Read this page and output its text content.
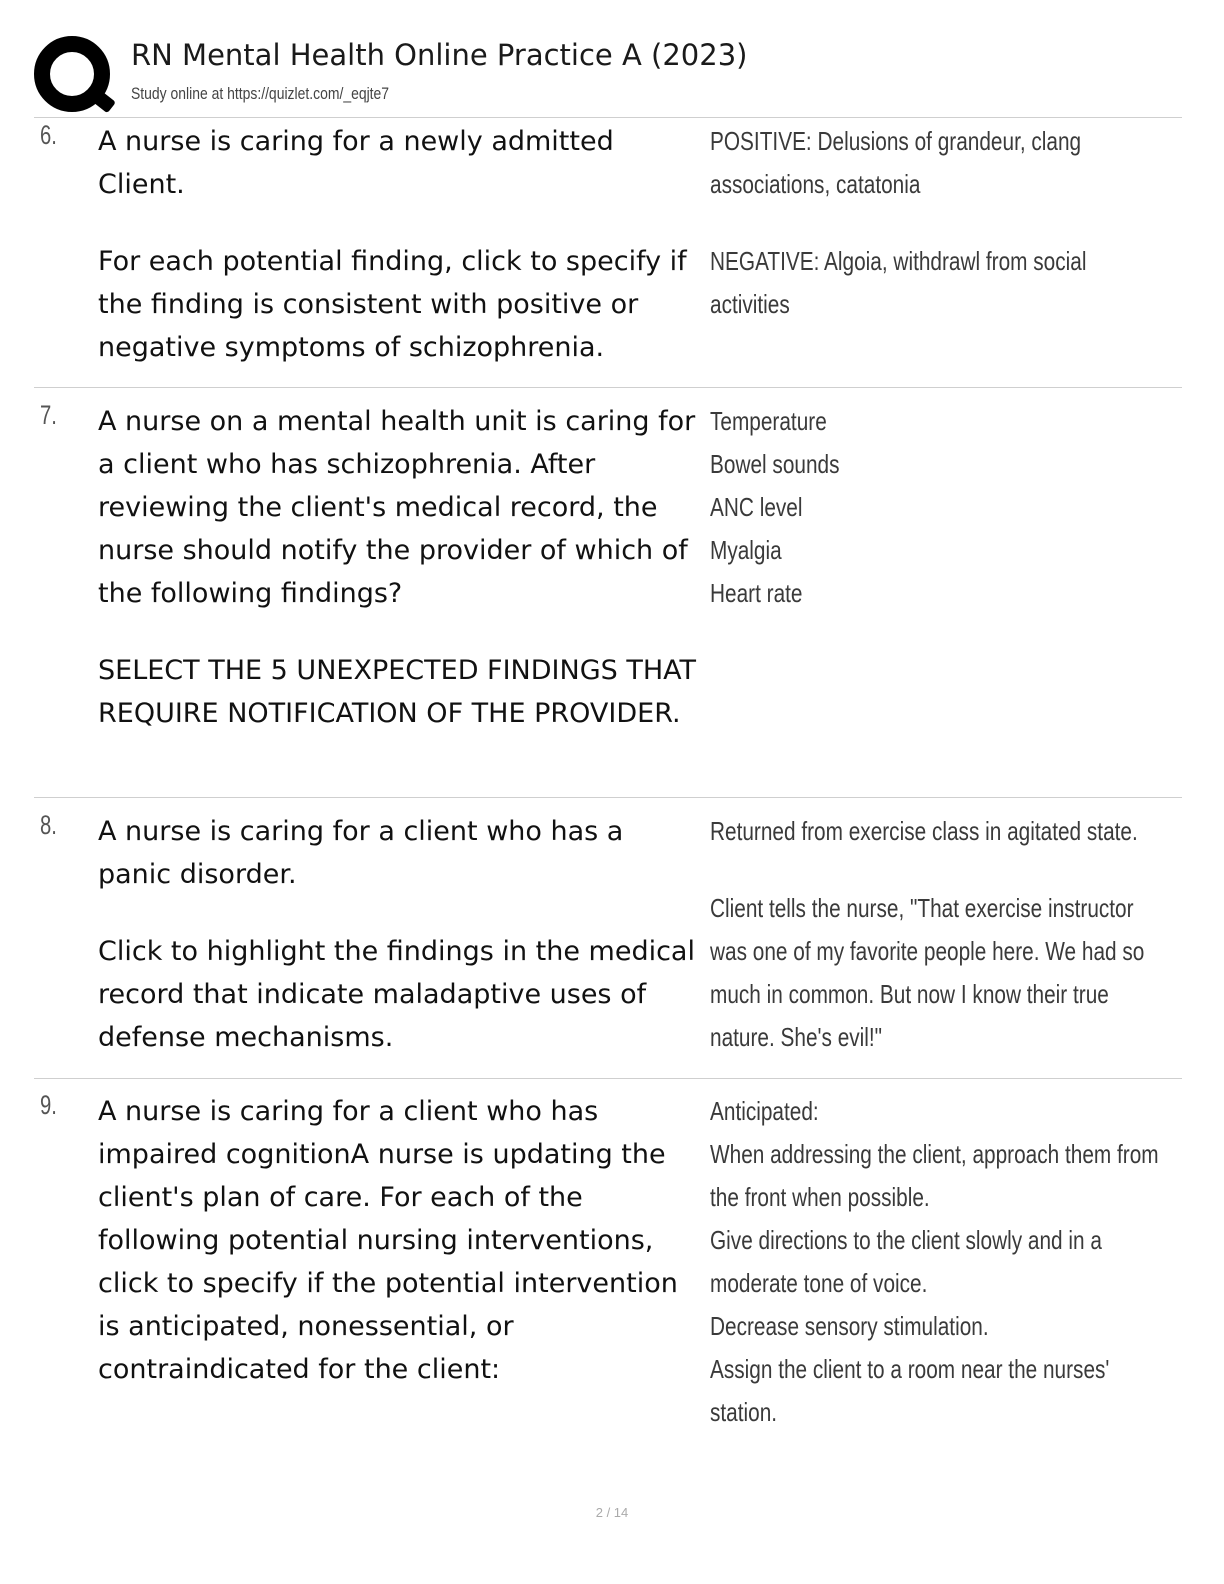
RN Mental Health Online Practice A (2023)
Study online at https://quizlet.com/_eqjte7
6. A nurse is caring for a newly admitted Client.

For each potential finding, click to specify if the finding is consistent with positive or negative symptoms of schizophrenia.

POSITIVE: Delusions of grandeur, clang associations, catatonia

NEGATIVE: Algoia, withdrawl from social activities

7. A nurse on a mental health unit is caring for a client who has schizophrenia. After reviewing the client's medical record, the nurse should notify the provider of which of the following findings?

SELECT THE 5 UNEXPECTED FINDINGS THAT REQUIRE NOTIFICATION OF THE PROVIDER.

Temperature

Bowel sounds

ANC level

Myalgia

Heart rate

8. A nurse is caring for a client who has a panic disorder.

Click to highlight the findings in the medical record that indicate maladaptive uses of defense mechanisms.

Returned from exercise class in agitated state.

Client tells the nurse, "That exercise instructor was one of my favorite people here. We had so much in common. But now I know their true nature. She's evil!"

9. A nurse is caring for a client who has impaired cognitionA nurse is updating the client's plan of care. For each of the following potential nursing interventions, click to specify if the potential intervention is anticipated, nonessential, or contraindicated for the client:

Anticipated:

When addressing the client, approach them from the front when possible.

Give directions to the client slowly and in a moderate tone of voice.

Decrease sensory stimulation.

Assign the client to a room near the nurses' station.

2 / 14
